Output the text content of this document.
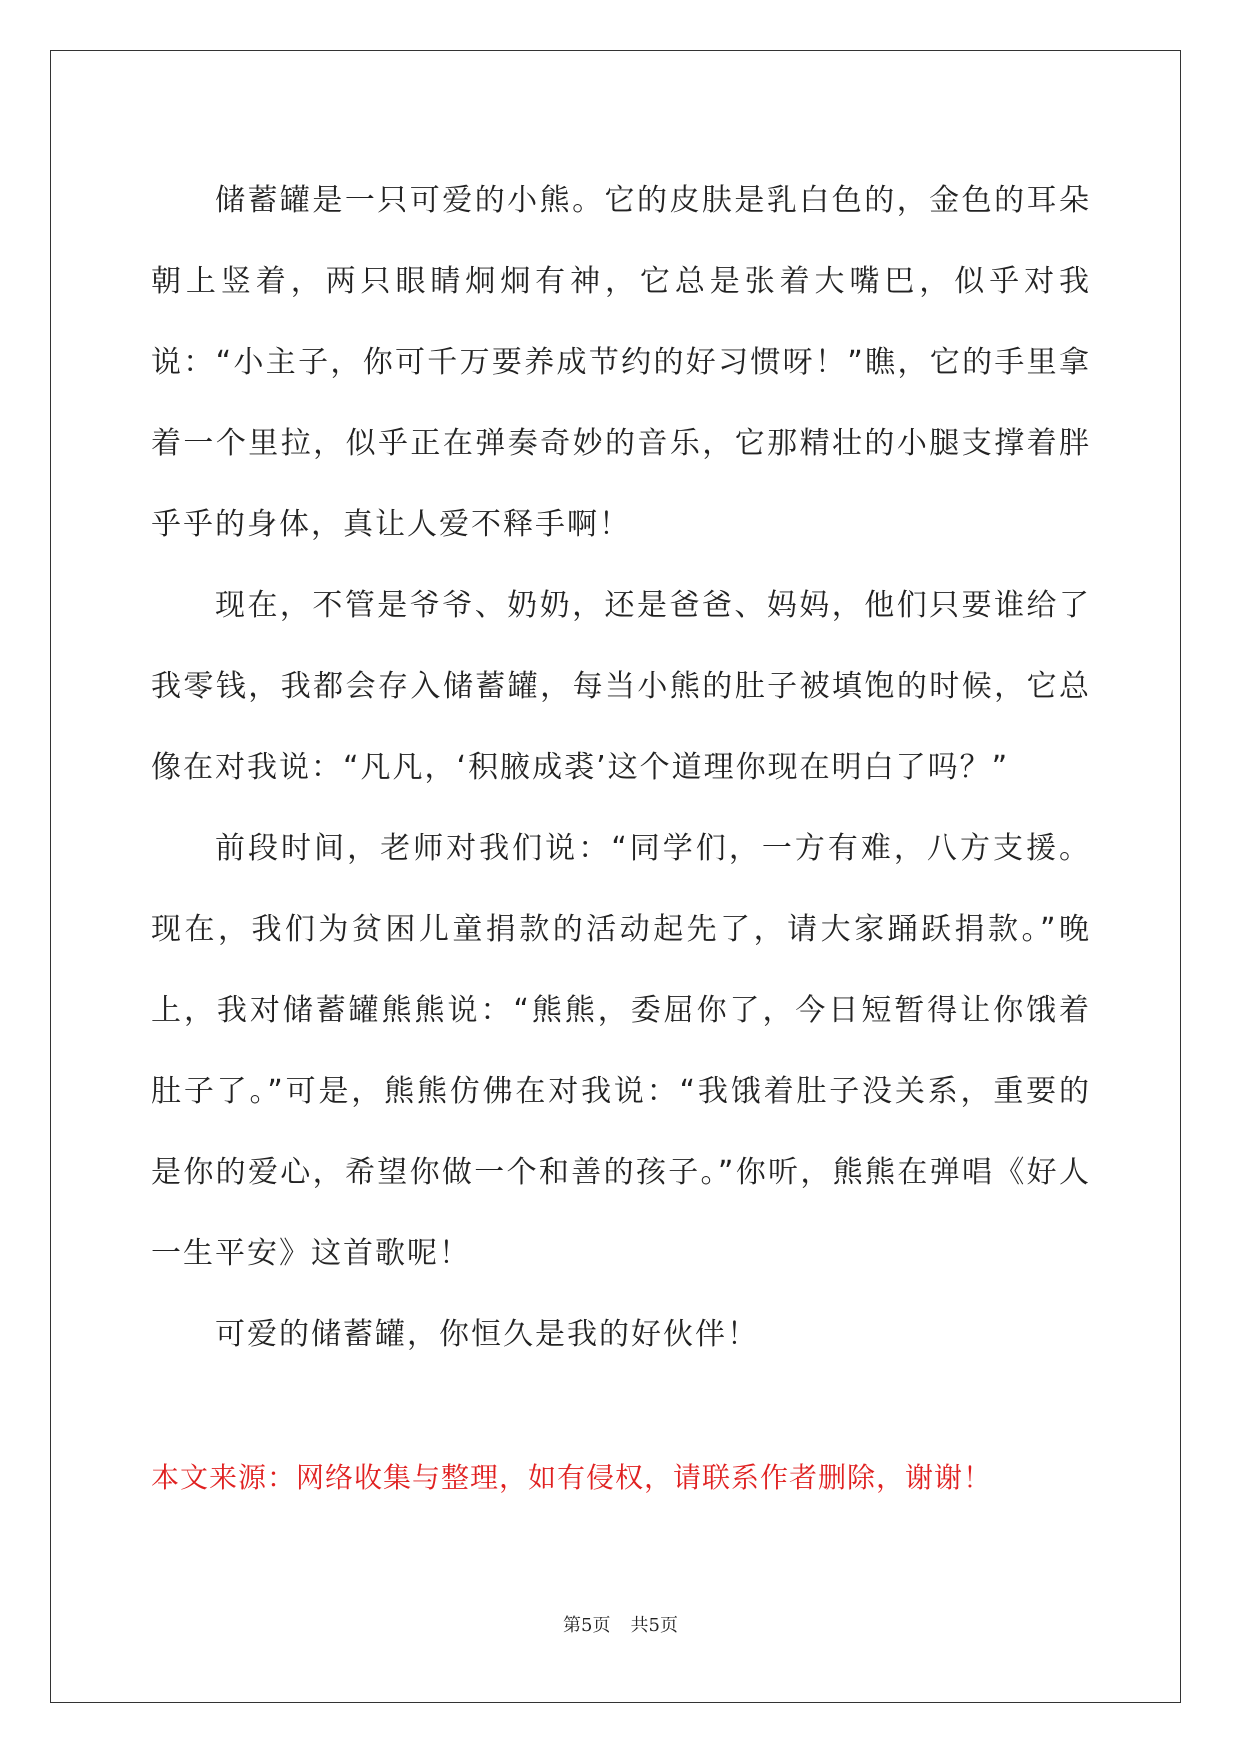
储蓄罐是一只可爱的小熊。它的皮肤是乳白色的，金色的耳朵朝上竖着，两只眼睛炯炯有神，它总是张着大嘴巴，似乎对我说：“小主子，你可千万要养成节约的好习惯呀！”瞧，它的手里拿着一个里拉，似乎正在弹奏奇妙的音乐，它那精壮的小腿支撑着胖乎乎的身体，真让人爱不释手啊！

现在，不管是爷爷、奶奶，还是爸爸、妈妈，他们只要谁给了我零钱，我都会存入储蓄罐，每当小熊的肚子被填饱的时候，它总像在对我说：“凡凡，‘积腋成裘’这个道理你现在明白了吗？”

前段时间，老师对我们说：“同学们，一方有难，八方支援。现在，我们为贫困儿童捐款的活动起先了，请大家踊跃捐款。”晚上，我对储蓄罐熊熊说：“熊熊，委屈你了，今日短暂得让你饿着肚子了。”可是，熊熊仿佛在对我说：“我饿着肚子没关系，重要的是你的爱心，希望你做一个和善的孩子。”你听，熊熊在弹唱《好人一生平安》这首歌呢！

可爱的储蓄罐，你恒久是我的好伙伴！

本文来源：网络收集与整理，如有侵权，请联系作者删除，谢谢！

第5页 共5页
